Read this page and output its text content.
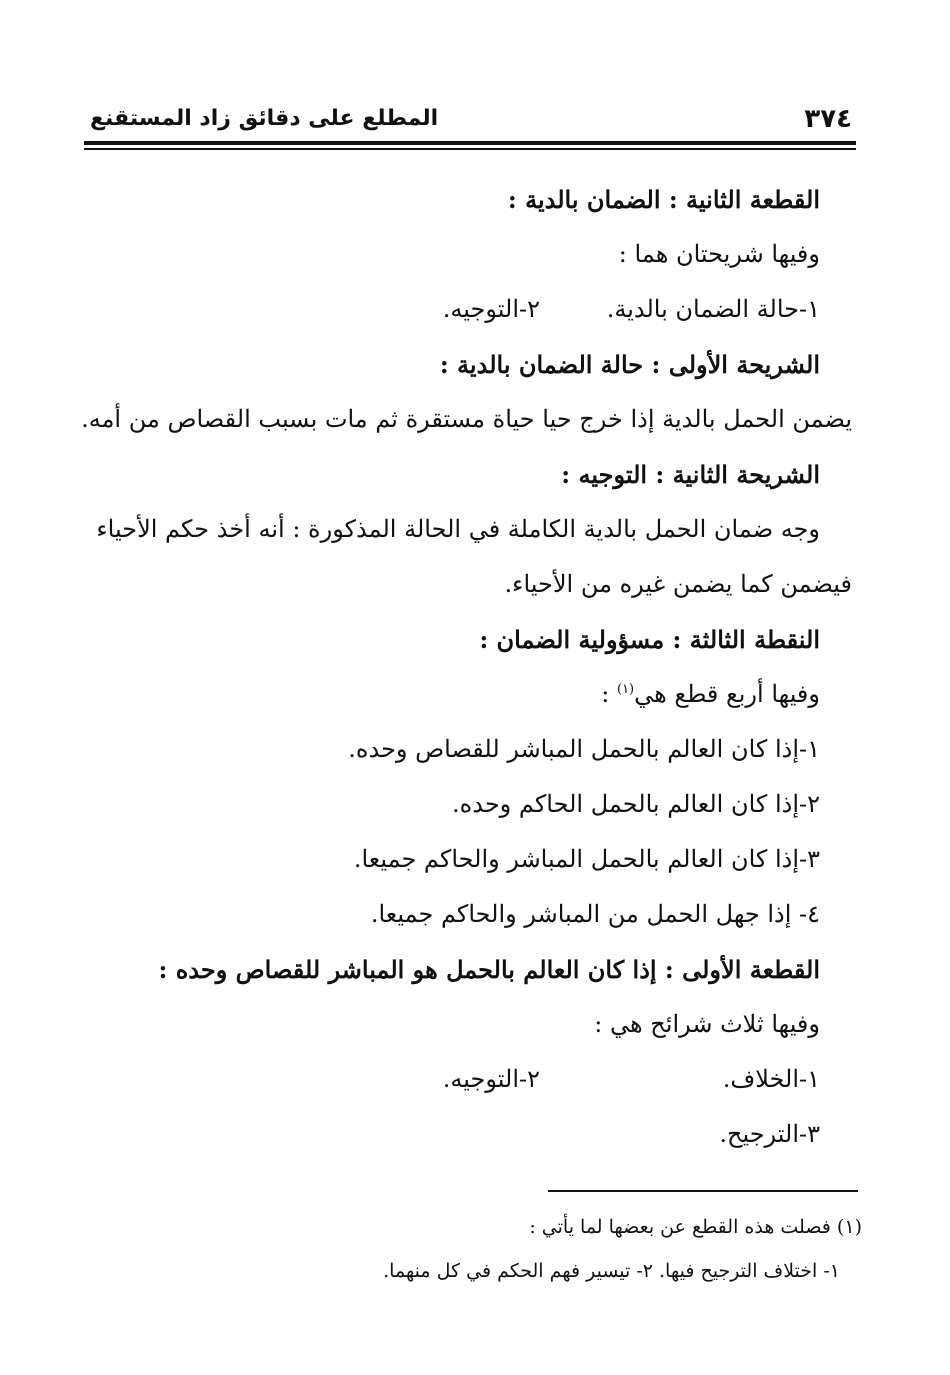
٣٧٤
المطلع على دقائق زاد المستقنع
القطعة الثانية : الضمان بالدية :
وفيها شريحتان هما :
١-حالة الضمان بالدية.٢-التوجيه.
الشريحة الأولى : حالة الضمان بالدية :
يضمن الحمل بالدية إذا خرج حيا حياة مستقرة ثم مات بسبب القصاص من أمه.
الشريحة الثانية : التوجيه :
وجه ضمان الحمل بالدية الكاملة في الحالة المذكورة : أنه أخذ حكم الأحياء
فيضمن كما يضمن غيره من الأحياء.
النقطة الثالثة : مسؤولية الضمان :
وفيها أربع قطع هي$^{(١)}$ :
١-إذا كان العالم بالحمل المباشر للقصاص وحده.
٢-إذا كان العالم بالحمل الحاكم وحده.
٣-إذا كان العالم بالحمل المباشر والحاكم جميعا.
٤- إذا جهل الحمل من المباشر والحاكم جميعا.
القطعة الأولى : إذا كان العالم بالحمل هو المباشر للقصاص وحده :
وفيها ثلاث شرائح هي :
١-الخلاف.٢-التوجيه.
٣-الترجيح.
(١) فصلت هذه القطع عن بعضها لما يأتي :
١- اختلاف الترجيح فيها. ٢- تيسير فهم الحكم في كل منهما.
